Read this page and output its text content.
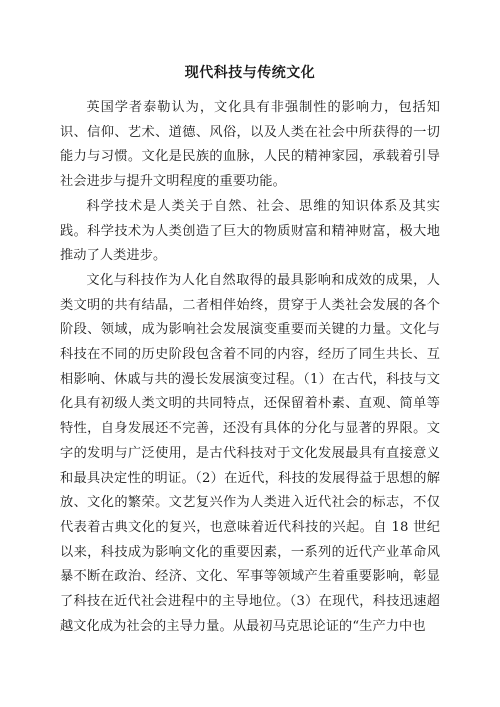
现代科技与传统文化

英国学者泰勒认为，文化具有非强制性的影响力，包括知识、信仰、艺术、道德、风俗，以及人类在社会中所获得的一切能力与习惯。文化是民族的血脉，人民的精神家园，承载着引导社会进步与提升文明程度的重要功能。

科学技术是人类关于自然、社会、思维的知识体系及其实践。科学技术为人类创造了巨大的物质财富和精神财富，极大地推动了人类进步。

文化与科技作为人化自然取得的最具影响和成效的成果，人类文明的共有结晶，二者相伴始终，贯穿于人类社会发展的各个阶段、领域，成为影响社会发展演变重要而关键的力量。文化与科技在不同的历史阶段包含着不同的内容，经历了同生共长、互相影响、休戚与共的漫长发展演变过程。（1）在古代，科技与文化具有初级人类文明的共同特点，还保留着朴素、直观、简单等特性，自身发展还不完善，还没有具体的分化与显著的界限。文字的发明与广泛使用，是古代科技对于文化发展最具有直接意义和最具决定性的明证。（2）在近代，科技的发展得益于思想的解放、文化的繁荣。文艺复兴作为人类进入近代社会的标志，不仅代表着古典文化的复兴，也意味着近代科技的兴起。自 18 世纪以来，科技成为影响文化的重要因素，一系列的近代产业革命风暴不断在政治、经济、文化、军事等领域产生着重要影响，彰显了科技在近代社会进程中的主导地位。（3）在现代，科技迅速超越文化成为社会的主导力量。从最初马克思论证的“生产力中也
